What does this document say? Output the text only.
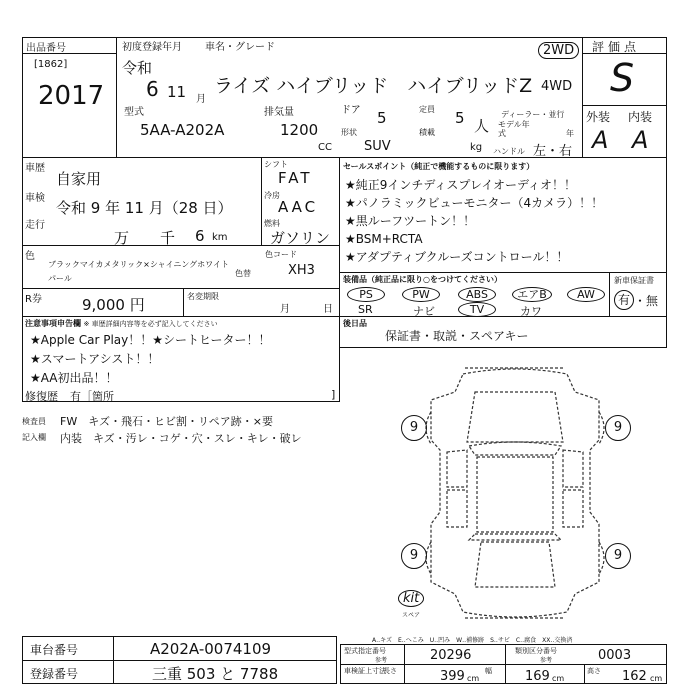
出品番号
[1862]
2017
初度登録年月 車名・グレード
令和
6 11 月
ライズ ハイブリッド　ハイブリッドZ
2WD
4WD
型式
5AA-A202A
排気量
1200
CC
ドア 5
形状
SUV
定員 5 人
積載
kg
ディーラー・並行
モデル年式	年
ハンドル 左・右
評価点
S
外装 内装
A A
車歴
自家用
車検
令和 9 年 11 月（28 日）
走行
万 千 6 km
シフト
FAT
冷房
AAC
燃料
ガソリン
色
ブラックマイカメタリック×シャイニングホワイトパール
色替
色コード
XH3
R券	9,000 円	名変期限
月	日
セールスポイント（純正で機能するものに限ります）
★純正9インチディスプレイオーディオ！！
★パノラミックビューモニター（4カメラ）！！
★黒ルーフツートン！！
★BSM+RCTA
★アダプティブクルーズコントロール！！
装備品（純正品に限り○をつけてください）	新車保証書
PS	PW	ABS	エアB	AW
SR	ナビ	TV	カワ
有 ・ 無
注意事項申告欄 ※ 車歴詳細内容等を必ず記入してください
★Apple Car Play！！★シートヒーター！！
★スマートアシスト！！
★AA初出品！！
修復歴 有［箇所	]
後日品
保証書・取説・スペアキー
検査員
記入欄
FW　キズ・飛石・ヒビ割・リペア跡・×要
内装　キズ・汚レ・コゲ・穴・スレ・キレ・破レ
9	9
9	9
kit
スペア
A‥キズ　E‥へこみ　U‥凹み　W‥補修跡　S‥サビ　C‥腐食　XX‥交換済
車台番号	A202A-0074109
登録番号	三重 503 と 7788
型式指定番号	20296	類別区分番号	0003
参考	参考
車検証上寸法
長さ	399 cm
幅	169 cm
高さ 162 cm
